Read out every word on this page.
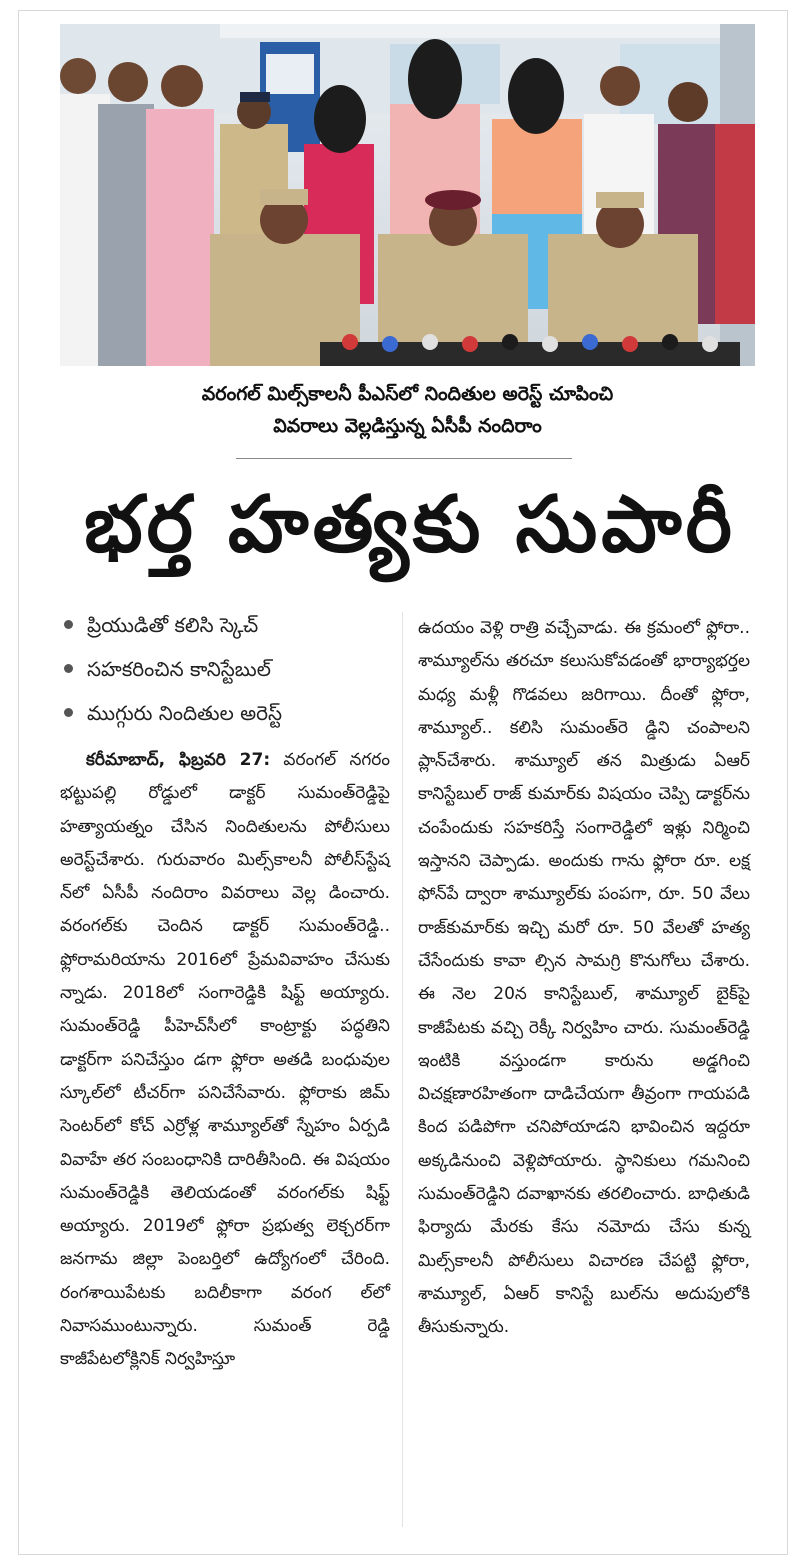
వరంగల్ మిల్స్‌కాలనీ పీఎస్‌లో నిందితుల అరెస్ట్ చూపించి
వివరాలు వెల్లడిస్తున్న ఏసీపీ నందిరాం
భర్త హత్యకు సుపారీ
ప్రియుడితో కలిసి స్కెచ్
సహకరించిన కానిస్టేబుల్
ముగ్గురు నిందితుల అరెస్ట్
కరీమాబాద్, ఫిబ్రవరి 27: వరంగల్ నగరం భట్టుపల్లి రోడ్డులో డాక్టర్ సుమంత్‌రెడ్డిపై హత్యాయత్నం చేసిన నిందితులను పోలీసులు అరెస్ట్‌చేశారు. గురువారం మిల్స్‌కాలనీ పోలీస్‌స్టేష న్‌లో ఏసీపీ నందిరాం వివరాలు వెల్ల డించారు. వరంగల్‌కు చెందిన డాక్టర్ సుమంత్‌రెడ్డి.. ఫ్లోరామరియాను 2016లో ప్రేమవివాహం చేసుకు న్నాడు. 2018లో సంగారెడ్డికి షిఫ్ట్ అయ్యారు. సుమంత్‌రెడ్డి పీహెచ్‌సీలో కాంట్రాక్టు పద్ధతిని డాక్టర్‌గా పనిచేస్తుం డగా ఫ్లోరా అతడి బంధువుల స్కూల్‌లో టీచర్‌గా పనిచేసేవారు. ఫ్లోరాకు జిమ్ సెంటర్‌లో కోచ్ ఎర్రోళ్ల శామ్యూల్‌తో స్నేహం ఏర్పడి వివాహే తర సంబంధానికి దారితీసింది. ఈ విషయం సుమంత్‌రెడ్డికి తెలియడంతో వరంగల్‌కు షిఫ్ట్ అయ్యారు. 2019లో ఫ్లోరా ప్రభుత్వ లెక్చరర్‌గా జనగామ జిల్లా పెంబర్తిలో ఉద్యోగంలో చేరింది. రంగశాయిపేటకు బదిలీకాగా వరంగ ల్‌లో నివాసముంటున్నారు. సుమంత్ రెడ్డి కాజీపేటలోక్లినిక్ నిర్వహిస్తూ
ఉదయం వెళ్లి రాత్రి వచ్చేవాడు. ఈ క్రమంలో ఫ్లోరా.. శామ్యూల్‌ను తరచూ కలుసుకోవడంతో భార్యాభర్తల మధ్య మళ్లీ గొడవలు జరిగాయి. దీంతో ఫ్లోరా, శామ్యూల్.. కలిసి సుమంత్‌రె డ్డిని చంపాలని ప్లాన్‌చేశారు. శామ్యూల్ తన మిత్రుడు ఏఆర్ కానిస్టేబుల్ రాజ్ కుమార్‌కు విషయం చెప్పి డాక్టర్‌ను చంపేందుకు సహకరిస్తే సంగారెడ్డిలో ఇళ్లు నిర్మించి ఇస్తానని చెప్పాడు. అందుకు గాను ఫ్లోరా రూ. లక్ష ఫోన్‌పే ద్వారా శామ్యూల్‌కు పంపగా, రూ. 50 వేలు రాజ్‌కుమార్‌కు ఇచ్చి మరో రూ. 50 వేలతో హత్య చేసేందుకు కావా ల్సిన సామగ్రి కొనుగోలు చేశారు. ఈ నెల 20న కానిస్టేబుల్, శామ్యూల్ బైక్‌పై కాజీపేటకు వచ్చి రెక్కీ నిర్వహిం చారు. సుమంత్‌రెడ్డి ఇంటికి వస్తుండగా కారును అడ్డగించి విచక్షణారహితంగా దాడిచేయగా తీవ్రంగా గాయపడి కింద పడిపోగా చనిపోయాడని భావించిన ఇద్దరూ అక్కడినుంచి వెళ్లిపోయారు. స్థానికులు గమనించి సుమంత్‌రెడ్డిని దవాఖానకు తరలించారు. బాధితుడి ఫిర్యాదు మేరకు కేసు నమోదు చేసు కున్న మిల్స్‌కాలనీ పోలీసులు విచారణ చేపట్టి ఫ్లోరా, శామ్యూల్, ఏఆర్ కానిస్టే బుల్‌ను అదుపులోకి తీసుకున్నారు.
